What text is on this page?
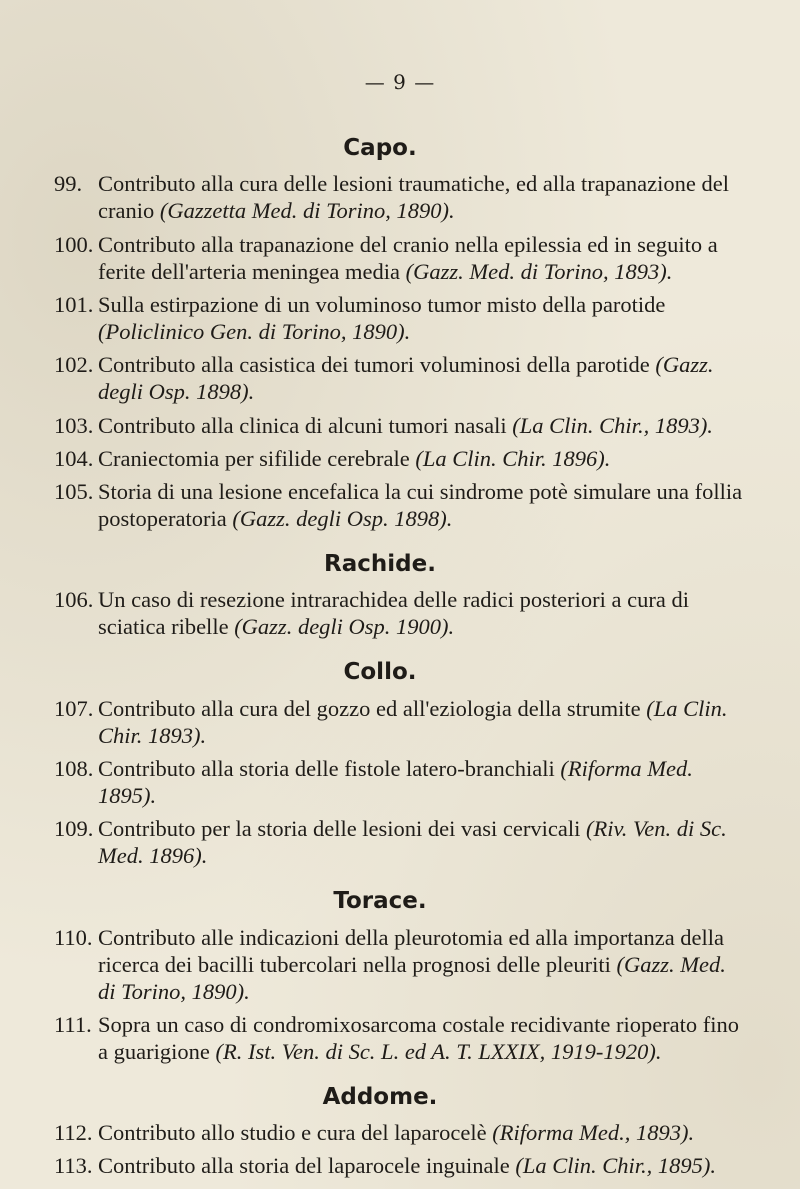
— 9 —
Capo.

99. Contributo alla cura delle lesioni traumatiche, ed alla trapanazione del cranio (Gazzetta Med. di Torino, 1890).

100. Contributo alla trapanazione del cranio nella epilessia ed in seguito a ferite dell'arteria meningea media (Gazz. Med. di Torino, 1893).

101. Sulla estirpazione di un voluminoso tumor misto della parotide (Policlinico Gen. di Torino, 1890).

102. Contributo alla casistica dei tumori voluminosi della parotide (Gazz. degli Osp. 1898).

103. Contributo alla clinica di alcuni tumori nasali (La Clin. Chir., 1893).

104. Craniectomia per sifilide cerebrale (La Clin. Chir. 1896).

105. Storia di una lesione encefalica la cui sindrome potè simulare una follia postoperatoria (Gazz. degli Osp. 1898).

Rachide.

106. Un caso di resezione intrarachidea delle radici posteriori a cura di sciatica ribelle (Gazz. degli Osp. 1900).

Collo.

107. Contributo alla cura del gozzo ed all'eziologia della strumite (La Clin. Chir. 1893).

108. Contributo alla storia delle fistole latero-branchiali (Riforma Med. 1895).

109. Contributo per la storia delle lesioni dei vasi cervicali (Riv. Ven. di Sc. Med. 1896).

Torace.

110. Contributo alle indicazioni della pleurotomia ed alla importanza della ricerca dei bacilli tubercolari nella prognosi delle pleuriti (Gazz. Med. di Torino, 1890).

111. Sopra un caso di condromixosarcoma costale recidivante rioperato fino a guarigione (R. Ist. Ven. di Sc. L. ed A. T. LXXIX, 1919-1920).

Addome.

112. Contributo allo studio e cura del laparocelè (Riforma Med., 1893).

113. Contributo alla storia del laparocele inguinale (La Clin. Chir., 1895).
